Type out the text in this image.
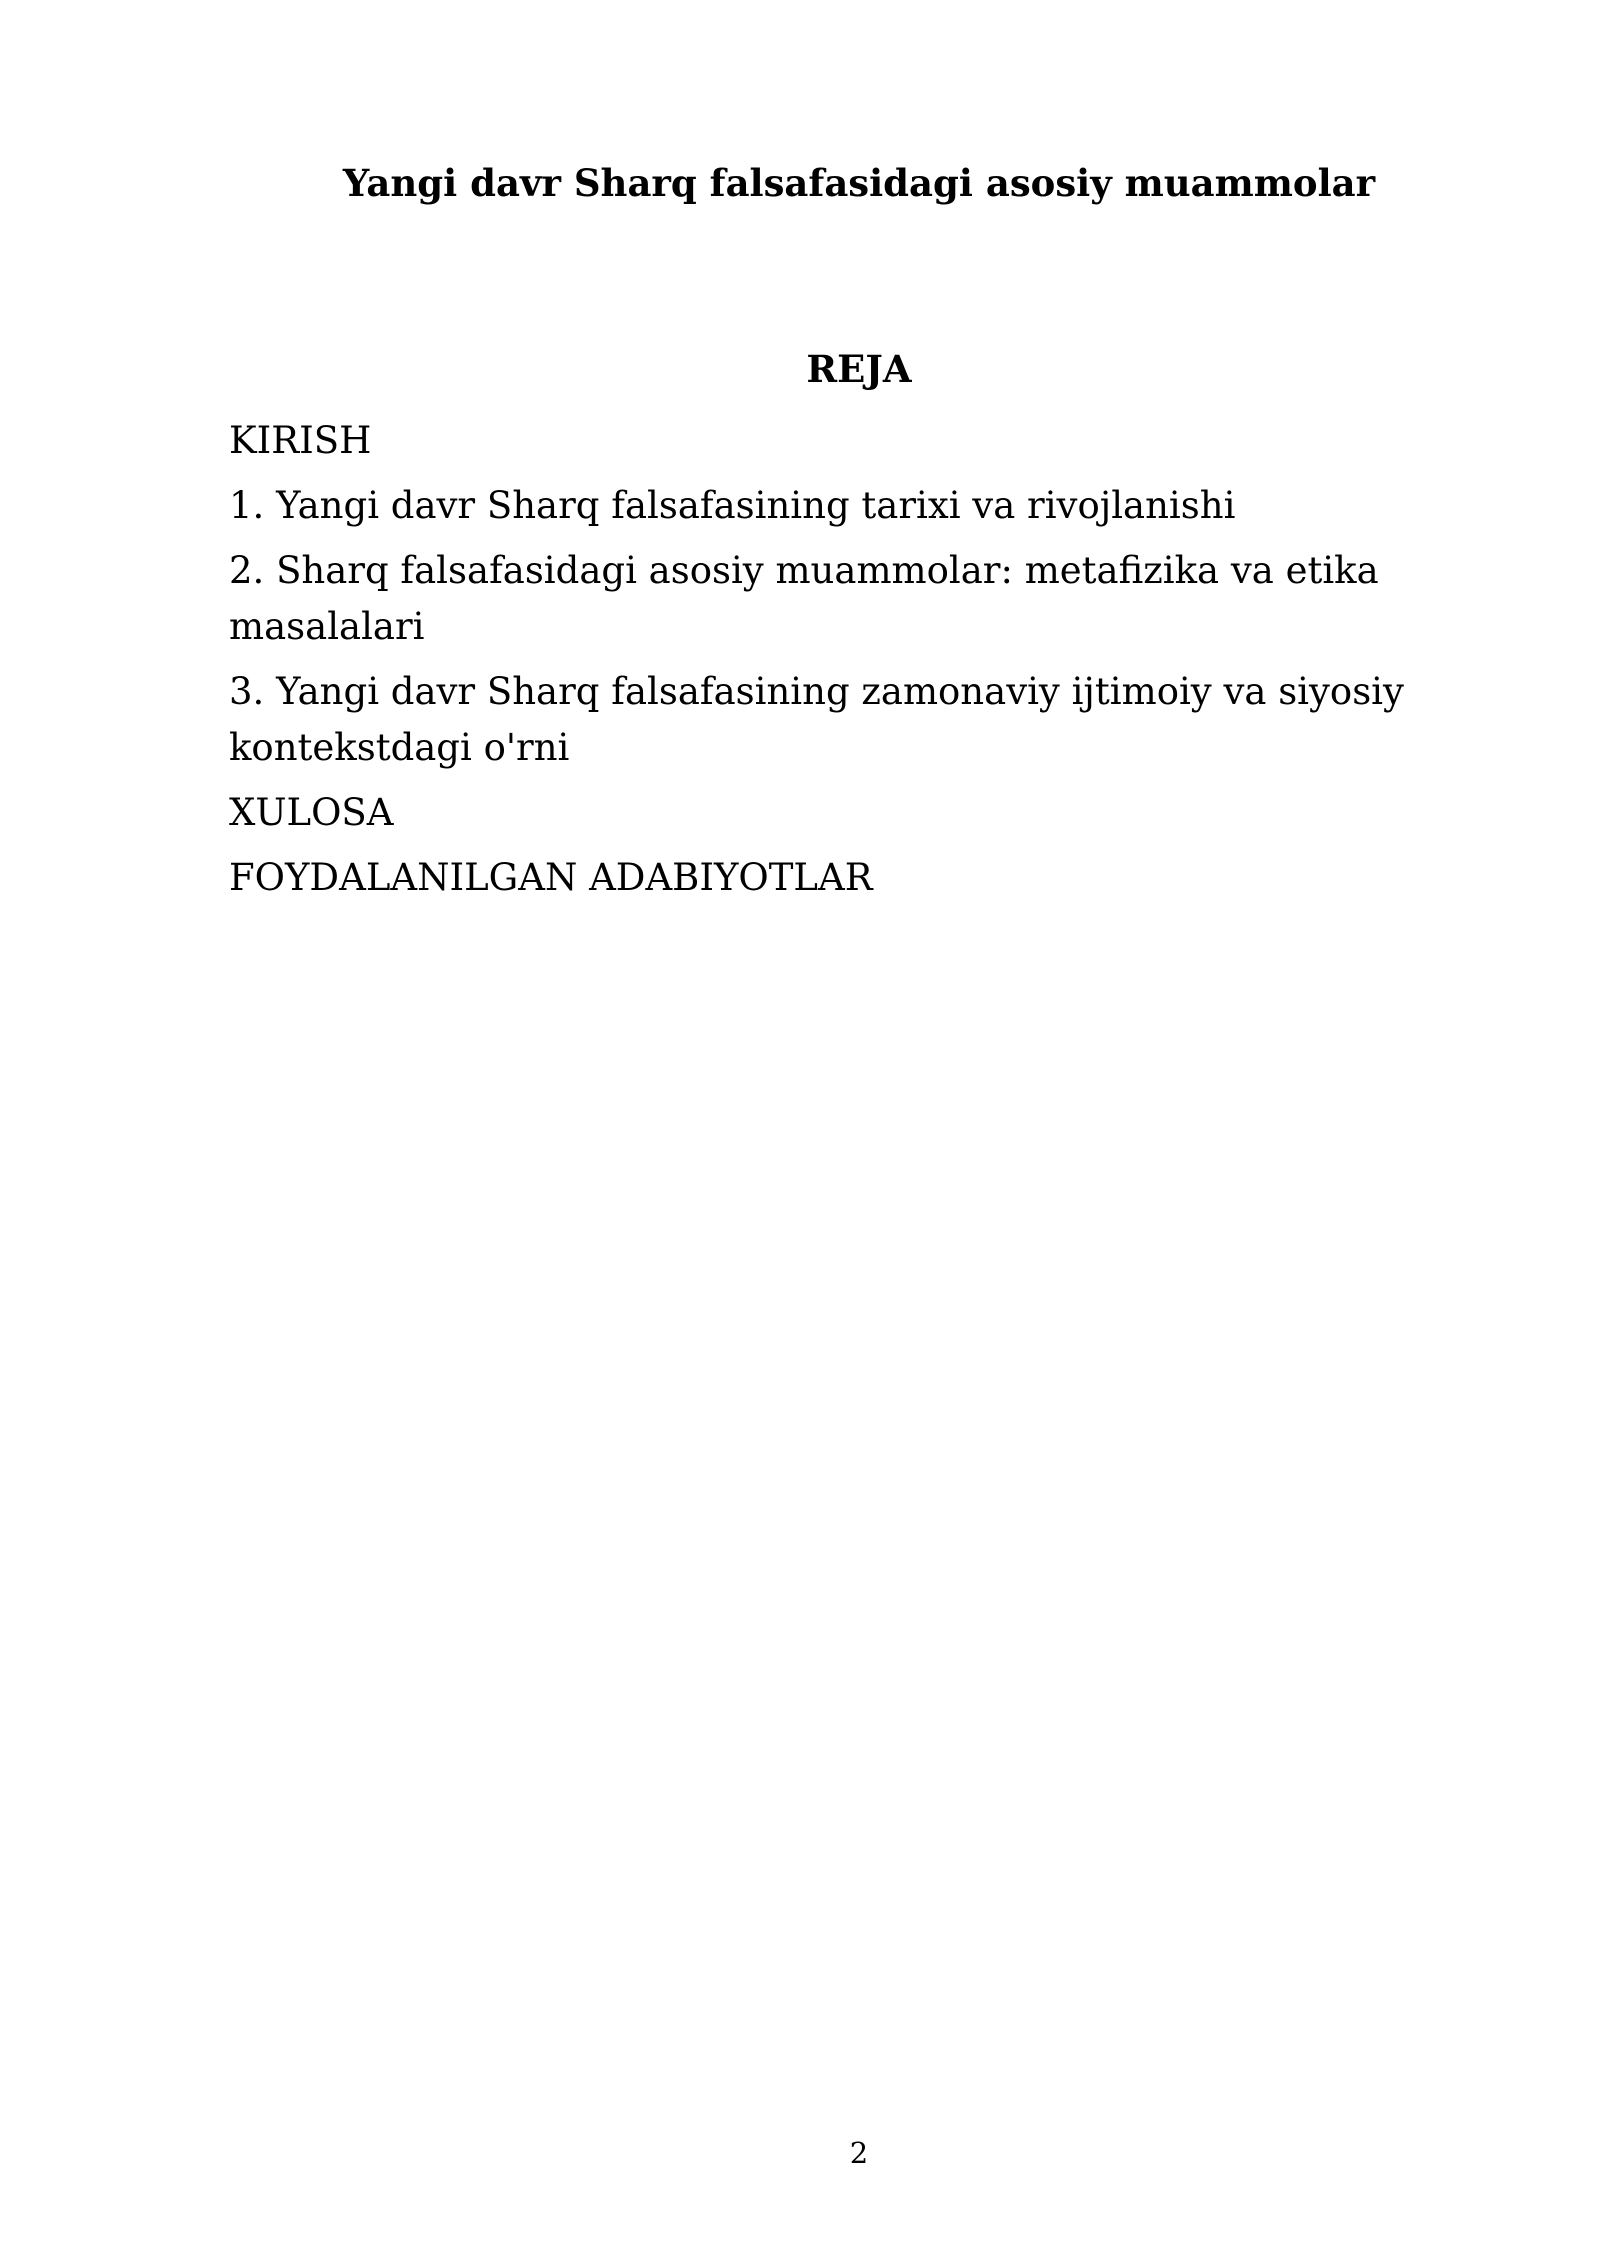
Yangi davr Sharq falsafasidagi asosiy muammolar
REJA
KIRISH
1. Yangi davr Sharq falsafasining tarixi va rivojlanishi
2. Sharq falsafasidagi asosiy muammolar: metafizika va etika masalalari
3. Yangi davr Sharq falsafasining zamonaviy ijtimoiy va siyosiy kontekstdagi o'rni
XULOSA
FOYDALANILGAN ADABIYOTLAR
2
